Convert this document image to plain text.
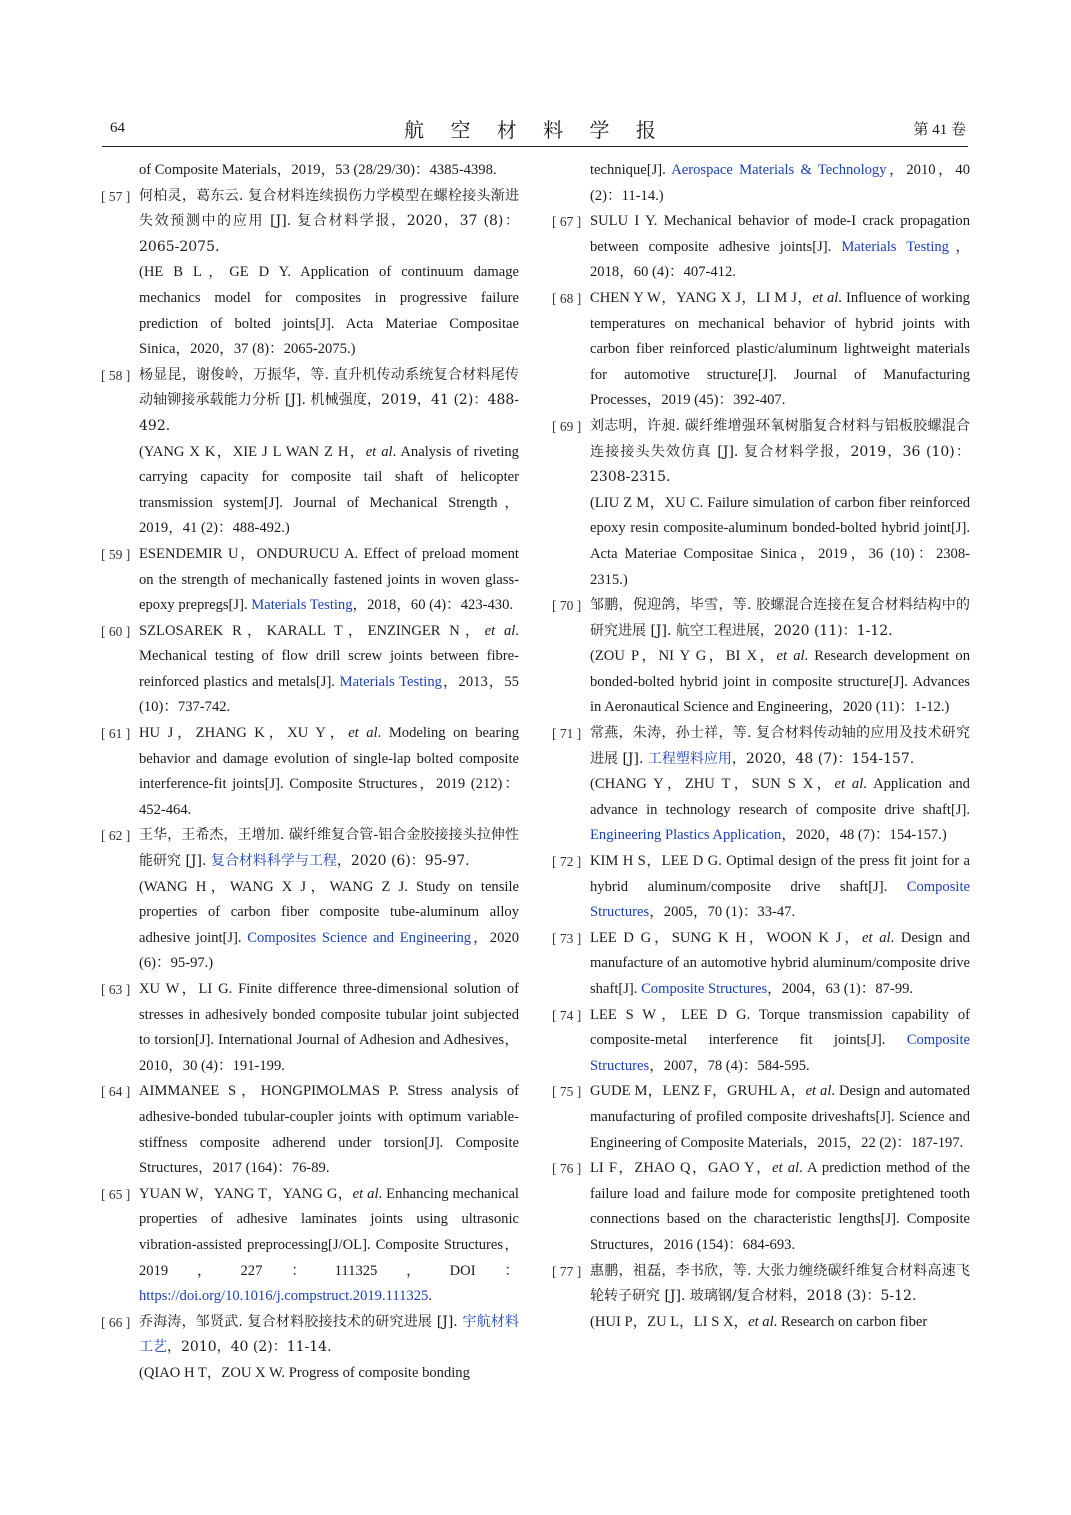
64	航 空 材 料 学 报	第 41 卷
of Composite Materials，2019，53 (28/29/30)：4385-4398.
[ 57 ] 何柏灵，葛东云. 复合材料连续损伤力学模型在螺栓接头渐进失效预测中的应用 [J]. 复合材料学报，2020，37 (8)：2065-2075.
(HE B L，GE D Y. Application of continuum damage mechanics model for composites in progressive failure prediction of bolted joints[J]. Acta Materiae Compositae Sinica，2020，37 (8)：2065-2075.)
[ 58 ] 杨显昆，谢俊岭，万振华，等. 直升机传动系统复合材料尾传动轴铆接承载能力分析 [J]. 机械强度，2019，41 (2)：488-492.
(YANG X K，XIE J L WAN Z H，et al. Analysis of riveting carrying capacity for composite tail shaft of helicopter transmission system[J]. Journal of Mechanical Strength，2019，41 (2)：488-492.)
[ 59 ] ESENDEMIR U，ONDURUCU A. Effect of preload moment on the strength of mechanically fastened joints in woven glass-epoxy prepregs[J]. Materials Testing，2018，60 (4)：423-430.
[ 60 ] SZLOSAREK R，KARALL T，ENZINGER N，et al. Mechanical testing of flow drill screw joints between fibre-reinforced plastics and metals[J]. Materials Testing，2013，55 (10)：737-742.
[ 61 ] HU J，ZHANG K，XU Y，et al. Modeling on bearing behavior and damage evolution of single-lap bolted composite interference-fit joints[J]. Composite Structures，2019 (212)：452-464.
[ 62 ] 王华，王希杰，王增加. 碳纤维复合管-铝合金胶接接头拉伸性能研究 [J]. 复合材料科学与工程，2020 (6)：95-97.
(WANG H，WANG X J，WANG Z J. Study on tensile properties of carbon fiber composite tube-aluminum alloy adhesive joint[J]. Composites Science and Engineering，2020 (6)：95-97.)
[ 63 ] XU W，LI G. Finite difference three-dimensional solution of stresses in adhesively bonded composite tubular joint subjected to torsion[J]. International Journal of Adhesion and Adhesives，2010，30 (4)：191-199.
[ 64 ] AIMMANEE S，HONGPIMOLMAS P. Stress analysis of adhesive-bonded tubular-coupler joints with optimum variable-stiffness composite adherend under torsion[J]. Composite Structures，2017 (164)：76-89.
[ 65 ] YUAN W，YANG T，YANG G，et al. Enhancing mechanical properties of adhesive laminates joints using ultrasonic vibration-assisted preprocessing[J/OL]. Composite Structures，2019，227：111325，DOI：https://doi.org/10.1016/j.compstruct.2019.111325.
[ 66 ] 乔海涛，邹贤武. 复合材料胶接技术的研究进展 [J]. 宇航材料工艺，2010，40 (2)：11-14.
(QIAO H T，ZOU X W. Progress of composite bonding
technique[J]. Aerospace Materials & Technology，2010，40 (2)：11-14.)
[ 67 ] SULU I Y. Mechanical behavior of mode-I crack propagation between composite adhesive joints[J]. Materials Testing，2018，60 (4)：407-412.
[ 68 ] CHEN Y W，YANG X J，LI M J，et al. Influence of working temperatures on mechanical behavior of hybrid joints with carbon fiber reinforced plastic/aluminum lightweight materials for automotive structure[J]. Journal of Manufacturing Processes，2019 (45)：392-407.
[ 69 ] 刘志明，许昶. 碳纤维增强环氧树脂复合材料与铝板胶螺混合连接接头失效仿真 [J]. 复合材料学报，2019，36 (10)：2308-2315.
(LIU Z M，XU C. Failure simulation of carbon fiber reinforced epoxy resin composite-aluminum bonded-bolted hybrid joint[J]. Acta Materiae Compositae Sinica，2019，36 (10)：2308-2315.)
[ 70 ] 邹鹏，倪迎鸽，毕雪，等. 胶螺混合连接在复合材料结构中的研究进展 [J]. 航空工程进展，2020 (11)：1-12.
(ZOU P，NI Y G，BI X，et al. Research development on bonded-bolted hybrid joint in composite structure[J]. Advances in Aeronautical Science and Engineering，2020 (11)：1-12.)
[ 71 ] 常燕，朱涛，孙士祥，等. 复合材料传动轴的应用及技术研究进展 [J]. 工程塑料应用，2020，48 (7)：154-157.
(CHANG Y，ZHU T，SUN S X，et al. Application and advance in technology research of composite drive shaft[J]. Engineering Plastics Application，2020，48 (7)：154-157.)
[ 72 ] KIM H S，LEE D G. Optimal design of the press fit joint for a hybrid aluminum/composite drive shaft[J]. Composite Structures，2005，70 (1)：33-47.
[ 73 ] LEE D G，SUNG K H，WOON K J，et al. Design and manufacture of an automotive hybrid aluminum/composite drive shaft[J]. Composite Structures，2004，63 (1)：87-99.
[ 74 ] LEE S W，LEE D G. Torque transmission capability of composite-metal interference fit joints[J]. Composite Structures，2007，78 (4)：584-595.
[ 75 ] GUDE M，LENZ F，GRUHL A，et al. Design and automated manufacturing of profiled composite driveshafts[J]. Science and Engineering of Composite Materials，2015，22 (2)：187-197.
[ 76 ] LI F，ZHAO Q，GAO Y，et al. A prediction method of the failure load and failure mode for composite pretightened tooth connections based on the characteristic lengths[J]. Composite Structures，2016 (154)：684-693.
[ 77 ] 惠鹏，祖磊，李书欣，等. 大张力缠绕碳纤维复合材料高速飞轮转子研究 [J]. 玻璃钢/复合材料，2018 (3)：5-12.
(HUI P，ZU L，LI S X，et al. Research on carbon fiber
